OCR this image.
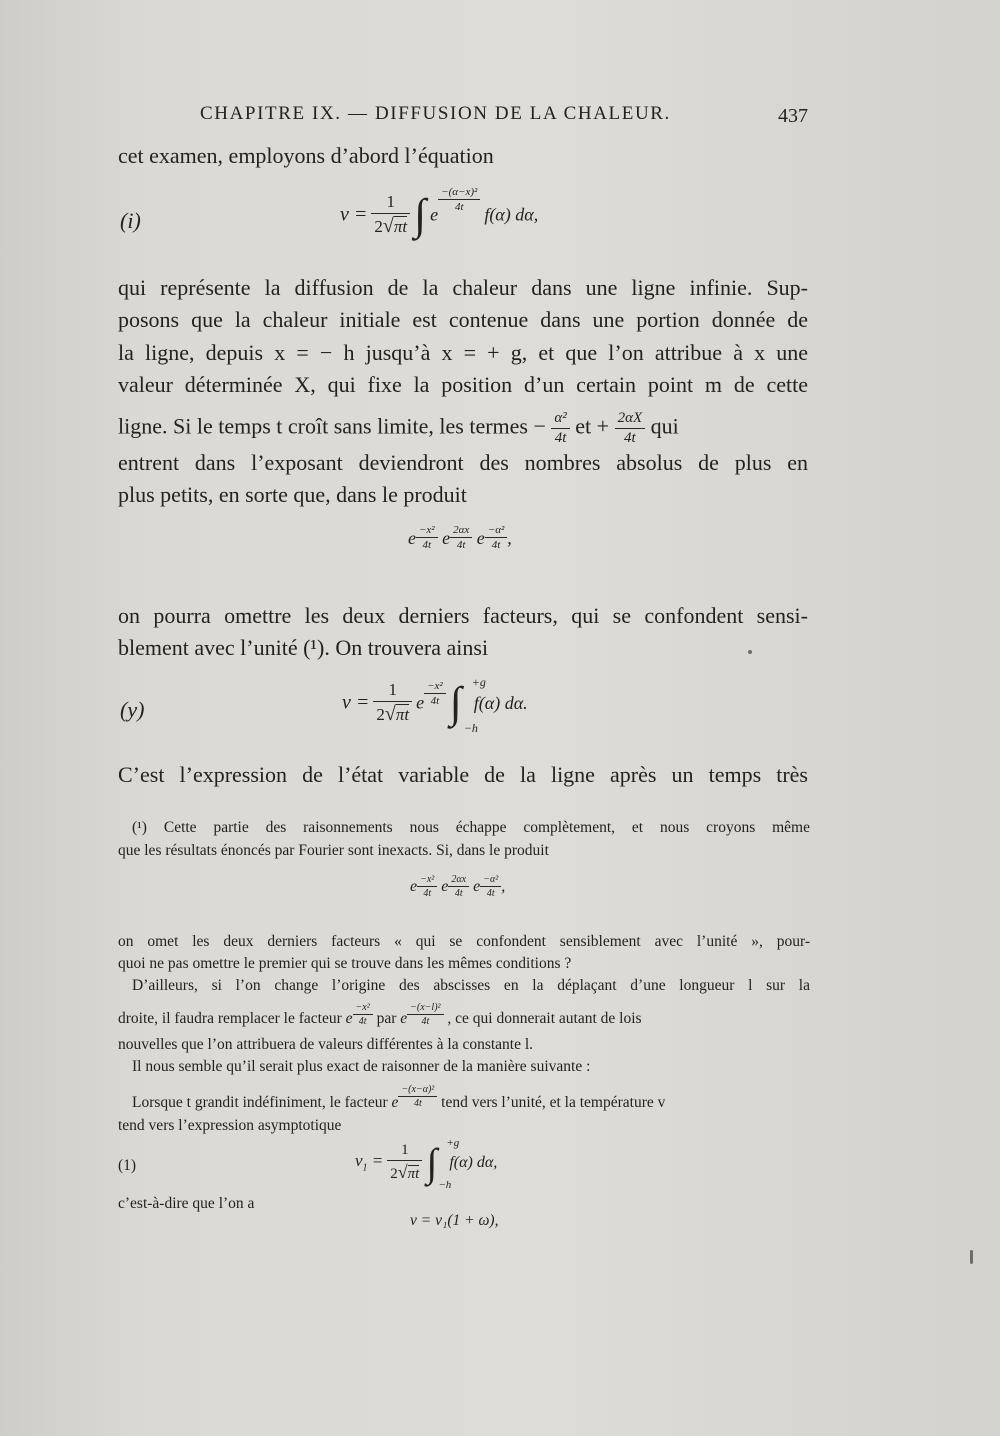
CHAPITRE IX. — DIFFUSION DE LA CHALEUR.	437
cet examen, employons d’abord l’équation
(i)	$v = \frac{1}{2√\pi t}$ ∫ e
$\frac{\text{−(α−x)²}}{4t}$
f(α) dα,
qui représente la diffusion de la chaleur dans une ligne infinie. Sup-
posons que la chaleur initiale est contenue dans une portion donnée de
la ligne, depuis x = − h jusqu’à x = + g, et que l’on attribue à x une
valeur déterminée X, qui fixe la position d’un certain point m de cette
ligne. Si le temps t croît sans limite, les termes − $\frac{\text{α²}}{4t}$ et + $\frac{2\alpha X}{4t}$ qui
entrent dans l’exposant deviendront des nombres absolus de plus en
plus petits, en sorte que, dans le produit
e $\frac{\text{−x²}}{4t}$ e $\frac{2\alpha x}{4t}$ e $\frac{\text{−α²}}{4t}$ ,
on pourra omettre les deux derniers facteurs, qui se confondent sensi-
blement avec l’unité (¹). On trouvera ainsi
(y)	$v = \frac{1}{2√\pi t}$ e $\frac{\text{−x²}}{4t}$ ∫ +g
−h
f(α) dα.
C’est l’expression de l’état variable de la ligne après un temps très
(¹) Cette partie des raisonnements nous échappe complètement, et nous croyons même
que les résultats énoncés par Fourier sont inexacts. Si, dans le produit
e $\frac{\text{−x²}}{4t}$ e $\frac{2\alpha x}{4t}$ e $\frac{\text{−α²}}{4t}$ ,
on omet les deux derniers facteurs « qui se confondent sensiblement avec l’unité », pour-
quoi ne pas omettre le premier qui se trouve dans les mêmes conditions ?
D’ailleurs, si l’on change l’origine des abscisses en la déplaçant d’une longueur l sur la
droite, il faudra remplacer le facteur e $\frac{\text{−x²}}{4t}$ par e $\frac{\text{−(x−l)²}}{4t}$ , ce qui donnerait autant de lois
nouvelles que l’on attribuera de valeurs différentes à la constante l.
Il nous semble qu’il serait plus exact de raisonner de la manière suivante :
Lorsque t grandit indéfiniment, le facteur e $\frac{\text{−(x−α)²}}{4t}$ tend vers l’unité, et la température v
tend vers l’expression asymptotique
(1)	$v_1 = \frac{1}{2√\pi t}$ ∫ +g
−h
f(α) dα,
c’est-à-dire que l’on a
v = v₁(1 + ω),
